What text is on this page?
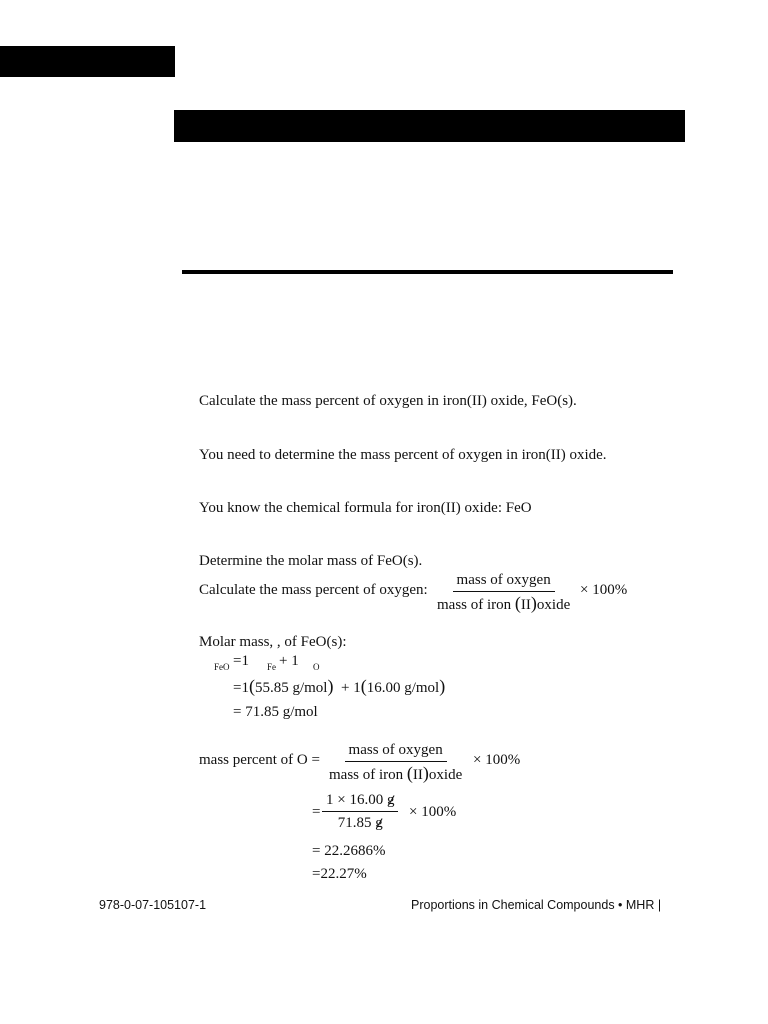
Calculate the mass percent of oxygen in iron(II) oxide, FeO(s).
You need to determine the mass percent of oxygen in iron(II) oxide.
You know the chemical formula for iron(II) oxide: FeO
Determine the molar mass of FeO(s).
Calculate the mass percent of oxygen:
mass of oxygen
mass of iron (II)oxide
× 100%
Molar mass, , of FeO(s):
FeO =1 Fe + 1 O
=1(55.85 g/mol) + 1(16.00 g/mol)
= 71.85 g/mol
mass percent of O =
mass of oxygen
mass of iron (II)oxide
× 100%
= $\frac{1 \times 16.00 g}{71.85 g} \times 100\%$
= 22.2686%
=22.27%
978-0-07-105107-1	Proportions in Chemical Compounds • MHR |
